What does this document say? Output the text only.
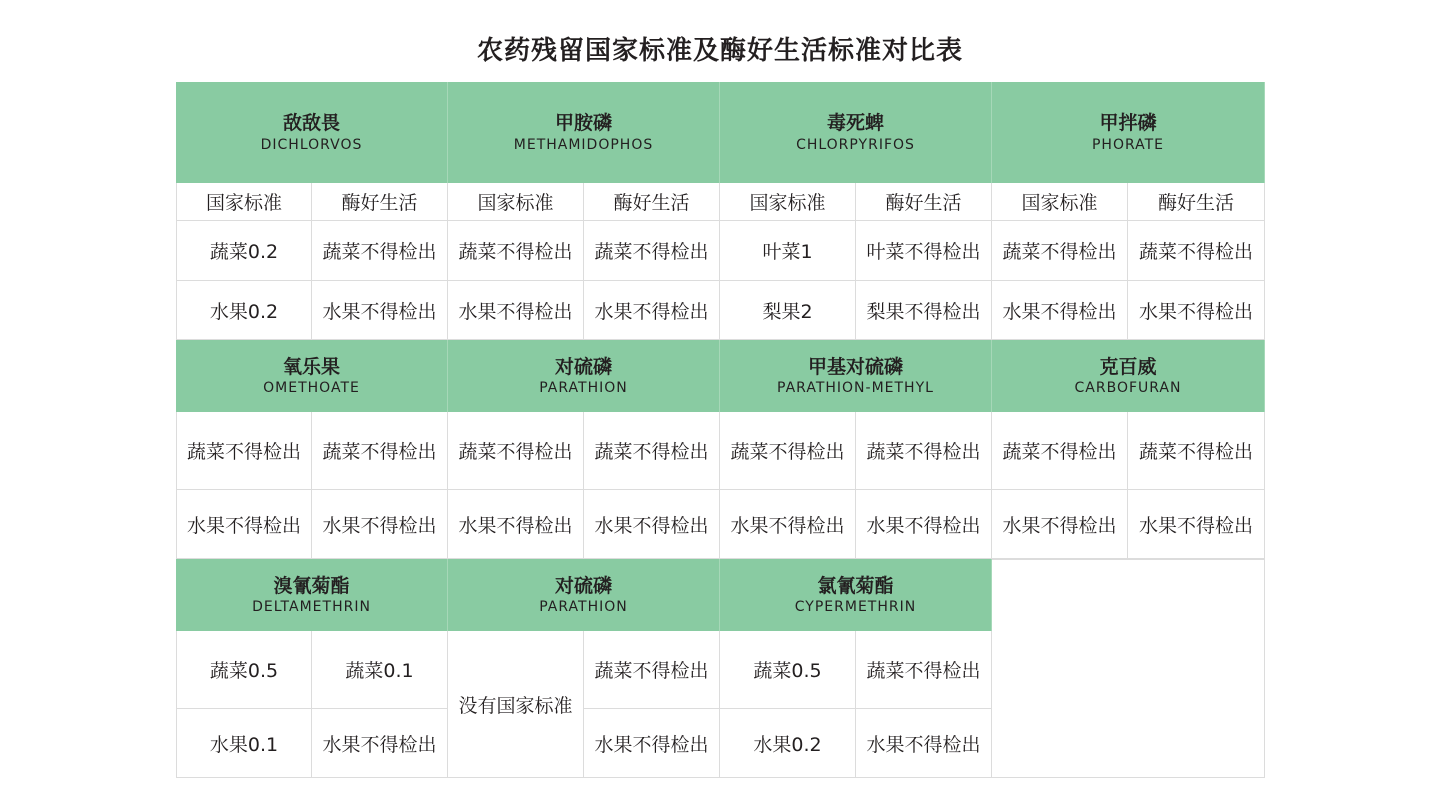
农药残留国家标准及酶好生活标准对比表
敌敌畏
DICHLORVOS
国家标准	酶好生活
蔬菜0.2	蔬菜不得检出
水果0.2	水果不得检出
甲胺磷
METHAMIDOPHOS
国家标准	酶好生活
蔬菜不得检出	蔬菜不得检出
水果不得检出	水果不得检出
毒死蜱
CHLORPYRIFOS
国家标准	酶好生活
叶菜1	叶菜不得检出
梨果2	梨果不得检出
甲拌磷
PHORATE
国家标准	酶好生活
蔬菜不得检出	蔬菜不得检出
水果不得检出	水果不得检出
氧乐果
OMETHOATE
蔬菜不得检出	蔬菜不得检出
水果不得检出	水果不得检出
对硫磷
PARATHION
蔬菜不得检出	蔬菜不得检出
水果不得检出	水果不得检出
甲基对硫磷
PARATHION-METHYL
蔬菜不得检出	蔬菜不得检出
水果不得检出	水果不得检出
克百威
CARBOFURAN
蔬菜不得检出	蔬菜不得检出
水果不得检出	水果不得检出
溴氰菊酯
DELTAMETHRIN
蔬菜0.5	蔬菜0.1
水果0.1	水果不得检出
对硫磷
PARATHION
没有国家标准
蔬菜不得检出
水果不得检出
氯氰菊酯
CYPERMETHRIN
蔬菜0.5	蔬菜不得检出
水果0.2	水果不得检出
